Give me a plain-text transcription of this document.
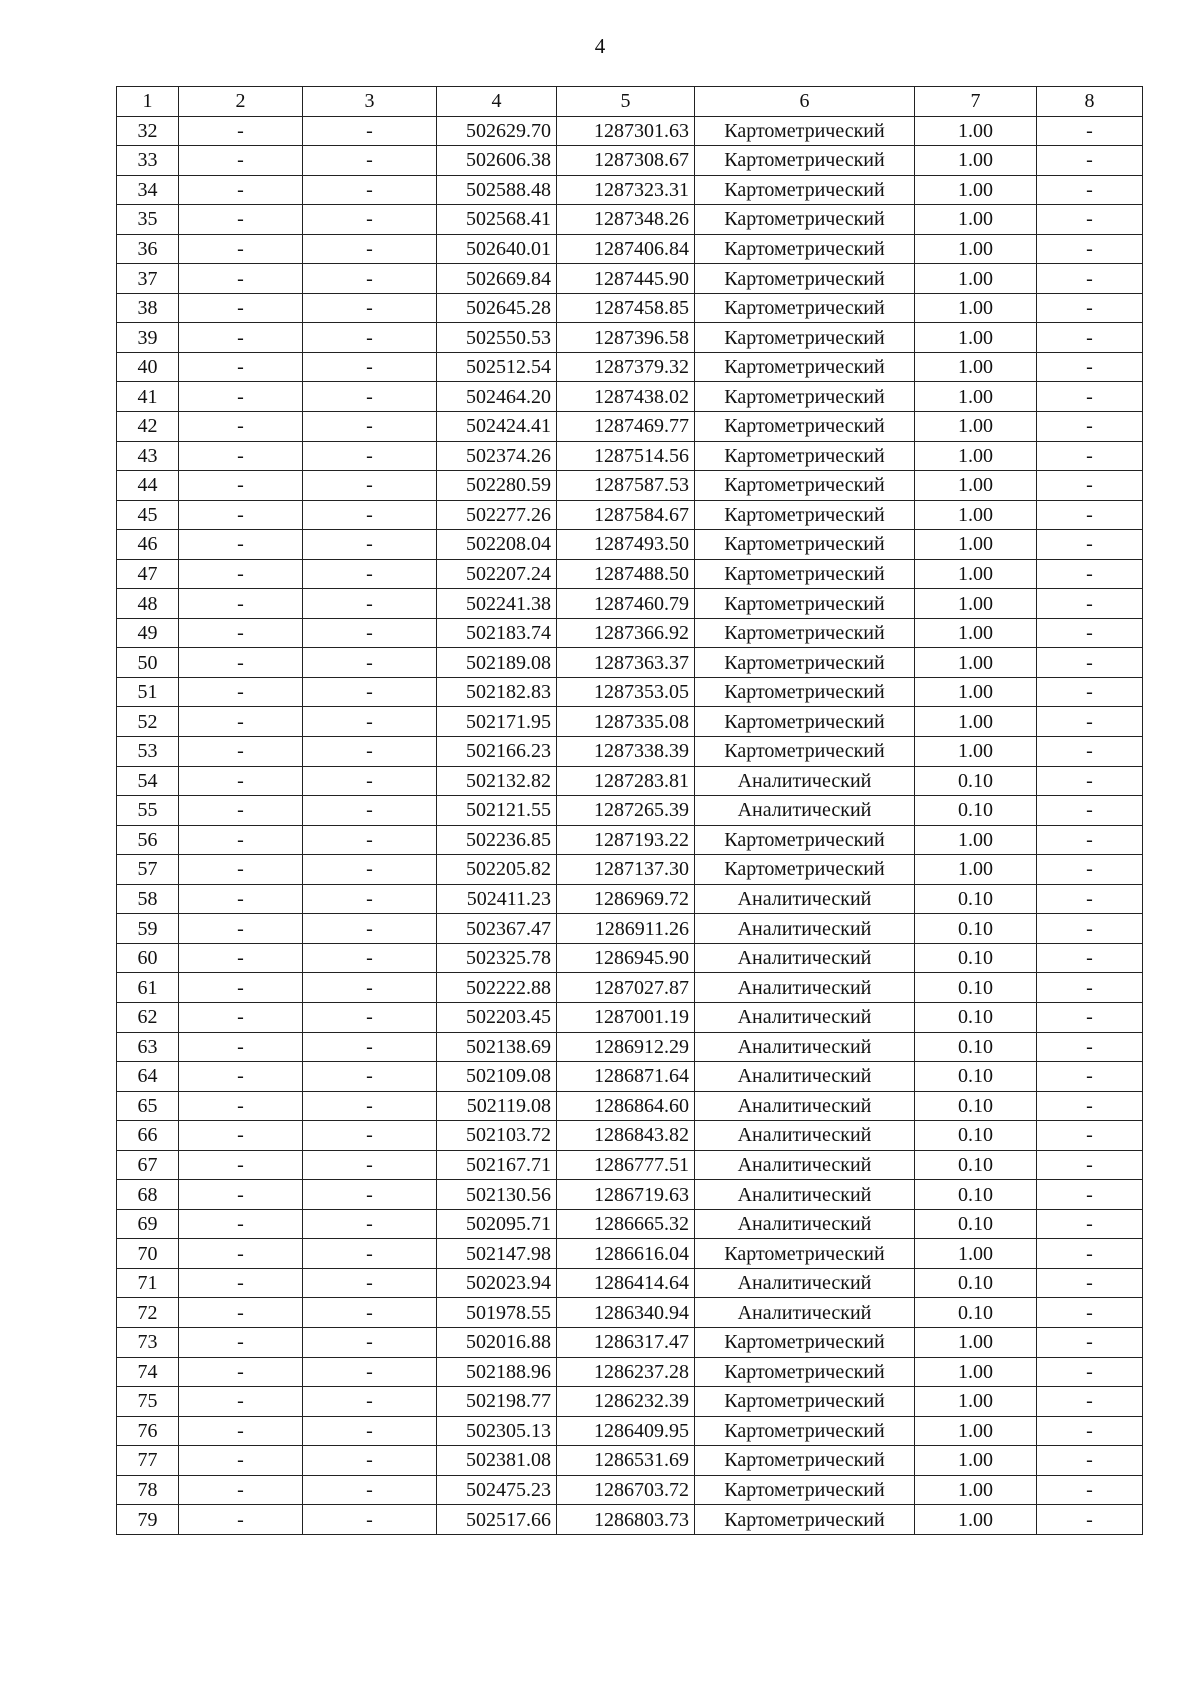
4
1	2	3	4	5	6	7	8
32	-	-	502629.70	1287301.63	Картометрический	1.00	-
33	-	-	502606.38	1287308.67	Картометрический	1.00	-
34	-	-	502588.48	1287323.31	Картометрический	1.00	-
35	-	-	502568.41	1287348.26	Картометрический	1.00	-
36	-	-	502640.01	1287406.84	Картометрический	1.00	-
37	-	-	502669.84	1287445.90	Картометрический	1.00	-
38	-	-	502645.28	1287458.85	Картометрический	1.00	-
39	-	-	502550.53	1287396.58	Картометрический	1.00	-
40	-	-	502512.54	1287379.32	Картометрический	1.00	-
41	-	-	502464.20	1287438.02	Картометрический	1.00	-
42	-	-	502424.41	1287469.77	Картометрический	1.00	-
43	-	-	502374.26	1287514.56	Картометрический	1.00	-
44	-	-	502280.59	1287587.53	Картометрический	1.00	-
45	-	-	502277.26	1287584.67	Картометрический	1.00	-
46	-	-	502208.04	1287493.50	Картометрический	1.00	-
47	-	-	502207.24	1287488.50	Картометрический	1.00	-
48	-	-	502241.38	1287460.79	Картометрический	1.00	-
49	-	-	502183.74	1287366.92	Картометрический	1.00	-
50	-	-	502189.08	1287363.37	Картометрический	1.00	-
51	-	-	502182.83	1287353.05	Картометрический	1.00	-
52	-	-	502171.95	1287335.08	Картометрический	1.00	-
53	-	-	502166.23	1287338.39	Картометрический	1.00	-
54	-	-	502132.82	1287283.81	Аналитический	0.10	-
55	-	-	502121.55	1287265.39	Аналитический	0.10	-
56	-	-	502236.85	1287193.22	Картометрический	1.00	-
57	-	-	502205.82	1287137.30	Картометрический	1.00	-
58	-	-	502411.23	1286969.72	Аналитический	0.10	-
59	-	-	502367.47	1286911.26	Аналитический	0.10	-
60	-	-	502325.78	1286945.90	Аналитический	0.10	-
61	-	-	502222.88	1287027.87	Аналитический	0.10	-
62	-	-	502203.45	1287001.19	Аналитический	0.10	-
63	-	-	502138.69	1286912.29	Аналитический	0.10	-
64	-	-	502109.08	1286871.64	Аналитический	0.10	-
65	-	-	502119.08	1286864.60	Аналитический	0.10	-
66	-	-	502103.72	1286843.82	Аналитический	0.10	-
67	-	-	502167.71	1286777.51	Аналитический	0.10	-
68	-	-	502130.56	1286719.63	Аналитический	0.10	-
69	-	-	502095.71	1286665.32	Аналитический	0.10	-
70	-	-	502147.98	1286616.04	Картометрический	1.00	-
71	-	-	502023.94	1286414.64	Аналитический	0.10	-
72	-	-	501978.55	1286340.94	Аналитический	0.10	-
73	-	-	502016.88	1286317.47	Картометрический	1.00	-
74	-	-	502188.96	1286237.28	Картометрический	1.00	-
75	-	-	502198.77	1286232.39	Картометрический	1.00	-
76	-	-	502305.13	1286409.95	Картометрический	1.00	-
77	-	-	502381.08	1286531.69	Картометрический	1.00	-
78	-	-	502475.23	1286703.72	Картометрический	1.00	-
79	-	-	502517.66	1286803.73	Картометрический	1.00	-
